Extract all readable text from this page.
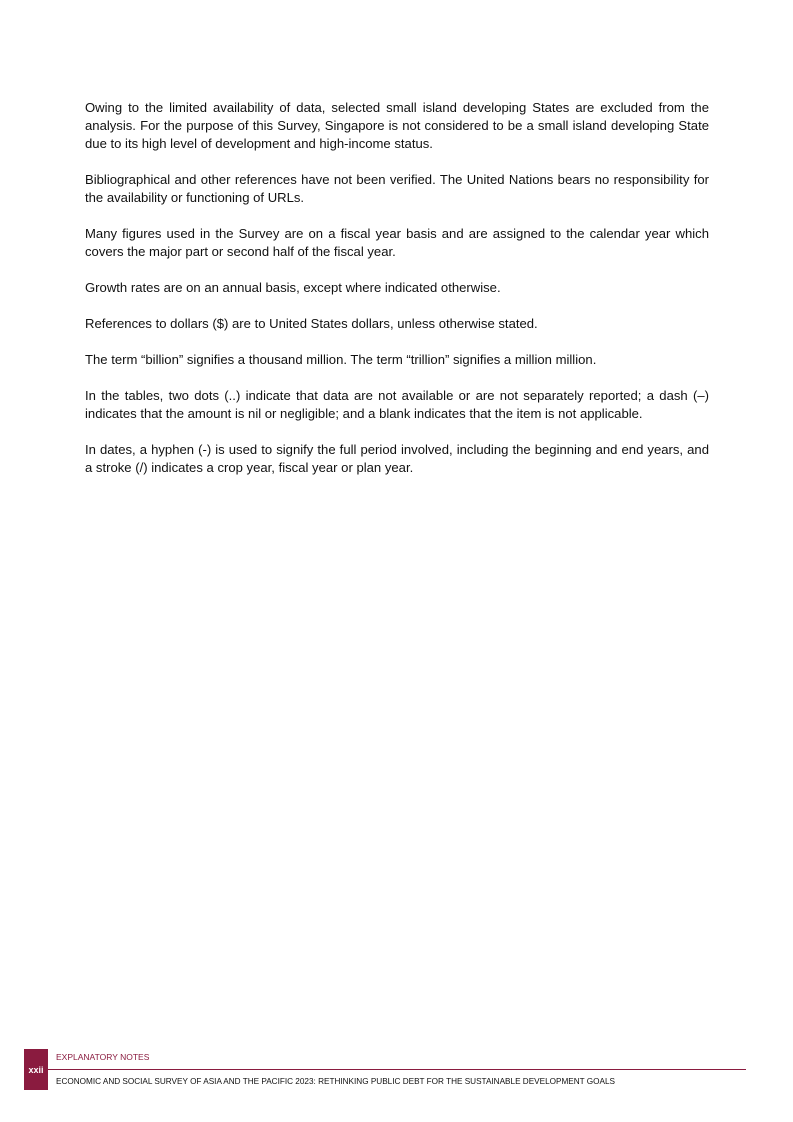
Owing to the limited availability of data, selected small island developing States are excluded from the analysis. For the purpose of this Survey, Singapore is not considered to be a small island developing State due to its high level of development and high-income status.

Bibliographical and other references have not been verified. The United Nations bears no responsibility for the availability or functioning of URLs.

Many figures used in the Survey are on a fiscal year basis and are assigned to the calendar year which covers the major part or second half of the fiscal year.

Growth rates are on an annual basis, except where indicated otherwise.

References to dollars ($) are to United States dollars, unless otherwise stated.

The term “billion” signifies a thousand million. The term “trillion” signifies a million million.

In the tables, two dots (..) indicate that data are not available or are not separately reported; a dash (–) indicates that the amount is nil or negligible; and a blank indicates that the item is not applicable.

In dates, a hyphen (-) is used to signify the full period involved, including the beginning and end years, and a stroke (/) indicates a crop year, fiscal year or plan year.

xxii
EXPLANATORY NOTES
ECONOMIC AND SOCIAL SURVEY OF ASIA AND THE PACIFIC 2023: RETHINKING PUBLIC DEBT FOR THE SUSTAINABLE DEVELOPMENT GOALS
